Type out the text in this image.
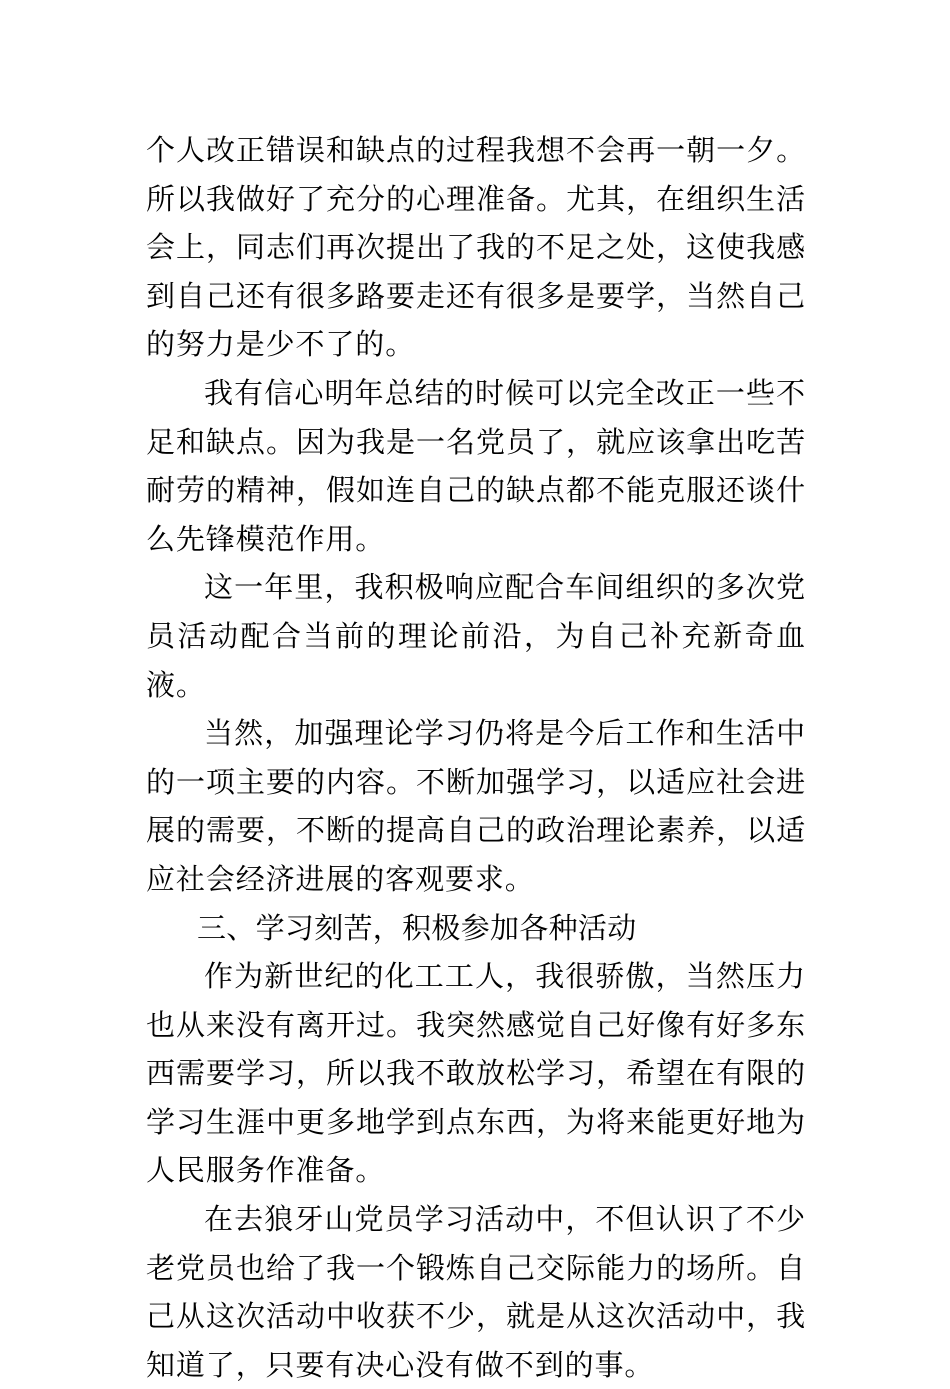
个人改正错误和缺点的过程我想不会再一朝一夕。所以我做好了充分的心理准备。尤其，在组织生活会上，同志们再次提出了我的不足之处，这使我感到自己还有很多路要走还有很多是要学，当然自己的努力是少不了的。

我有信心明年总结的时候可以完全改正一些不足和缺点。因为我是一名党员了，就应该拿出吃苦耐劳的精神，假如连自己的缺点都不能克服还谈什么先锋模范作用。

这一年里，我积极响应配合车间组织的多次党员活动配合当前的理论前沿，为自己补充新奇血液。

当然，加强理论学习仍将是今后工作和生活中的一项主要的内容。不断加强学习，以适应社会进展的需要，不断的提高自己的政治理论素养，以适应社会经济进展的客观要求。

三、学习刻苦，积极参加各种活动

作为新世纪的化工工人，我很骄傲，当然压力也从来没有离开过。我突然感觉自己好像有好多东西需要学习，所以我不敢放松学习，希望在有限的学习生涯中更多地学到点东西，为将来能更好地为人民服务作准备。

在去狼牙山党员学习活动中，不但认识了不少老党员也给了我一个锻炼自己交际能力的场所。自己从这次活动中收获不少，就是从这次活动中，我知道了，只要有决心没有做不到的事。
